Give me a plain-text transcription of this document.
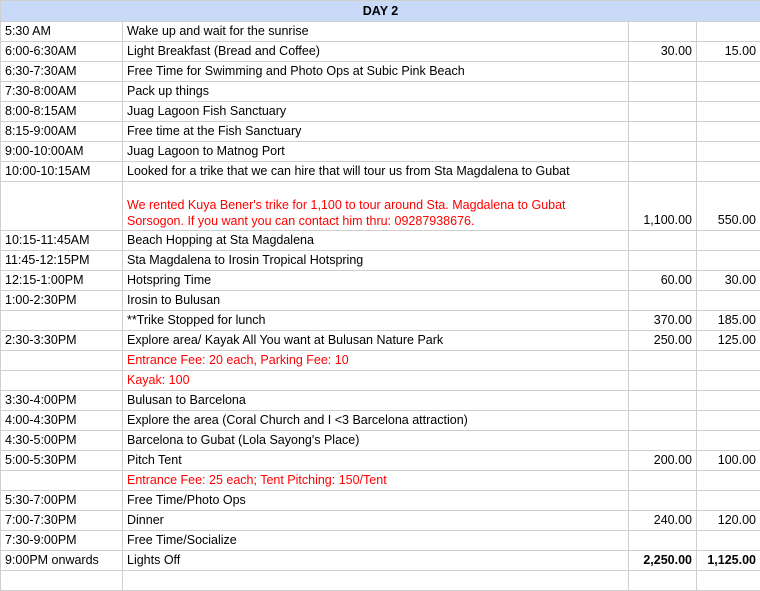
DAY 2			
5:30 AM	Wake up and wait for the sunrise		
6:00-6:30AM	Light Breakfast (Bread and Coffee)	30.00	15.00
6:30-7:30AM	Free Time for Swimming and Photo Ops at Subic Pink Beach		
7:30-8:00AM	Pack up things		
8:00-8:15AM	Juag Lagoon Fish Sanctuary		
8:15-9:00AM	Free time at the Fish Sanctuary		
9:00-10:00AM	Juag Lagoon to Matnog Port		
10:00-10:15AM	Looked for a trike that we can hire that will tour us from Sta Magdalena to Gubat		
	We rented Kuya Bener's trike for 1,100 to tour around Sta. Magdalena to Gubat Sorsogon. If you want you can contact him thru: 09287938676.	1,100.00	550.00
10:15-11:45AM	Beach Hopping at Sta Magdalena		
11:45-12:15PM	Sta Magdalena to Irosin Tropical Hotspring		
12:15-1:00PM	Hotspring Time	60.00	30.00
1:00-2:30PM	Irosin to Bulusan		
	**Trike Stopped for lunch	370.00	185.00
2:30-3:30PM	Explore area/ Kayak All You want at Bulusan Nature Park	250.00	125.00
	Entrance Fee: 20 each, Parking Fee: 10		
	Kayak: 100		
3:30-4:00PM	Bulusan to Barcelona		
4:00-4:30PM	Explore the area (Coral Church and I <3 Barcelona attraction)		
4:30-5:00PM	Barcelona to Gubat (Lola Sayong's Place)		
5:00-5:30PM	Pitch Tent	200.00	100.00
	Entrance Fee: 25 each; Tent Pitching: 150/Tent		
5:30-7:00PM	Free Time/Photo Ops		
7:00-7:30PM	Dinner	240.00	120.00
7:30-9:00PM	Free Time/Socialize		
9:00PM onwards	Lights Off	2,250.00	1,125.00
